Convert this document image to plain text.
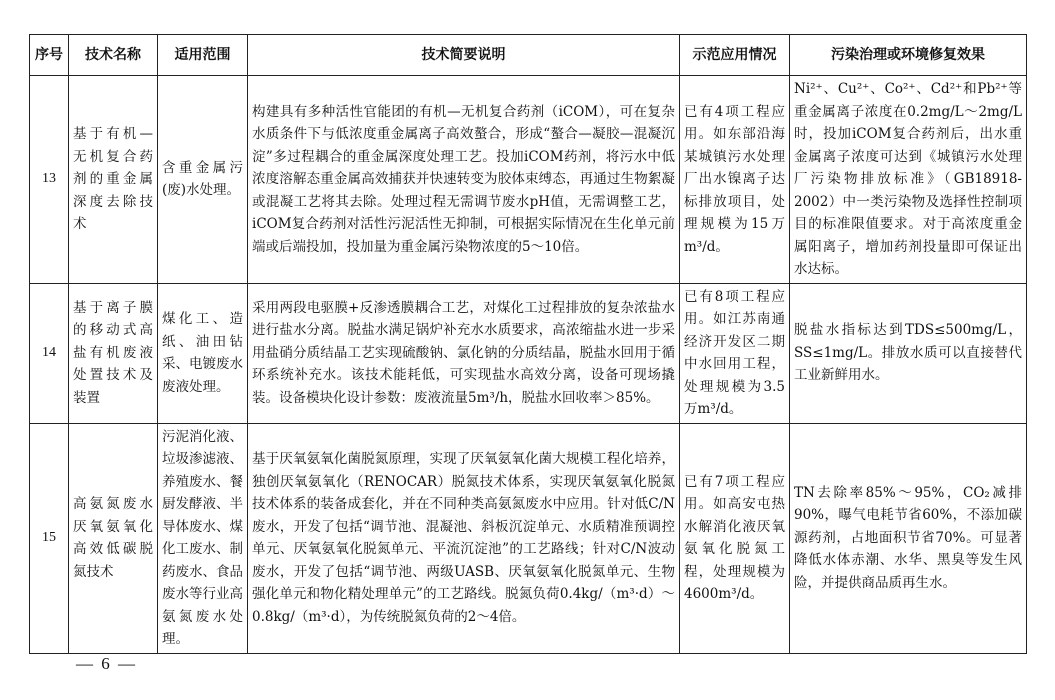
序号	技术名称	适用范围	技术简要说明	示范应用情况	污染治理或环境修复效果
13	基于有机—无机复合药剂的重金属深度去除技术	含重金属污(废)水处理。	构建具有多种活性官能团的有机—无机复合药剂（iCOM），可在复杂水质条件下与低浓度重金属离子高效螯合，形成“螯合—凝胶—混凝沉淀”多过程耦合的重金属深度处理工艺。投加iCOM药剂，将污水中低浓度溶解态重金属高效捕获并快速转变为胶体束缚态，再通过生物絮凝或混凝工艺将其去除。处理过程无需调节废水pH值，无需调整工艺，iCOM复合药剂对活性污泥活性无抑制，可根据实际情况在生化单元前端或后端投加，投加量为重金属污染物浓度的5～10倍。	已有4项工程应用。如东部沿海某城镇污水处理厂出水镍离子达标排放项目，处理规模为15万m³/d。	Ni²⁺、Cu²⁺、Co²⁺、Cd²⁺和Pb²⁺等重金属离子浓度在0.2mg/L～2mg/L时，投加iCOM复合药剂后，出水重金属离子浓度可达到《城镇污水处理厂污染物排放标准》（GB18918-2002）中一类污染物及选择性控制项目的标准限值要求。对于高浓度重金属阳离子，增加药剂投量即可保证出水达标。
14	基于离子膜的移动式高盐有机废液处置技术及装置	煤化工、造纸、油田钻采、电镀废水废液处理。	采用两段电驱膜+反渗透膜耦合工艺，对煤化工过程排放的复杂浓盐水进行盐水分离。脱盐水满足锅炉补充水水质要求，高浓缩盐水进一步采用盐硝分质结晶工艺实现硫酸钠、氯化钠的分质结晶，脱盐水回用于循环系统补充水。该技术能耗低，可实现盐水高效分离，设备可现场撬装。设备模块化设计参数：废液流量5m³/h，脱盐水回收率＞85%。	已有8项工程应用。如江苏南通经济开发区二期中水回用工程，处理规模为3.5万m³/d。	脱盐水指标达到TDS≤500mg/L，SS≤1mg/L。排放水质可以直接替代工业新鲜用水。
15	高氨氮废水厌氧氨氧化高效低碳脱氮技术	污泥消化液、垃圾渗滤液、养殖废水、餐厨发酵液、半导体废水、煤化工废水、制药废水、食品废水等行业高氨氮废水处理。	基于厌氧氨氧化菌脱氮原理，实现了厌氧氨氧化菌大规模工程化培养，独创厌氧氨氧化（RENOCAR）脱氮技术体系，实现厌氧氨氧化脱氮技术体系的装备成套化，并在不同种类高氨氮废水中应用。针对低C/N废水，开发了包括“调节池、混凝池、斜板沉淀单元、水质精准预调控单元、厌氧氨氧化脱氮单元、平流沉淀池”的工艺路线；针对C/N波动废水，开发了包括“调节池、两级UASB、厌氧氨氧化脱氮单元、生物强化单元和物化精处理单元”的工艺路线。脱氮负荷0.4kg/（m³·d）～0.8kg/（m³·d），为传统脱氮负荷的2～4倍。	已有7项工程应用。如高安屯热水解消化液厌氧氨氧化脱氮工程，处理规模为4600m³/d。	TN去除率85%～95%，CO₂减排90%，曝气电耗节省60%，不添加碳源药剂，占地面积节省70%。可显著降低水体赤潮、水华、黑臭等发生风险，并提供商品质再生水。
— 6 —
